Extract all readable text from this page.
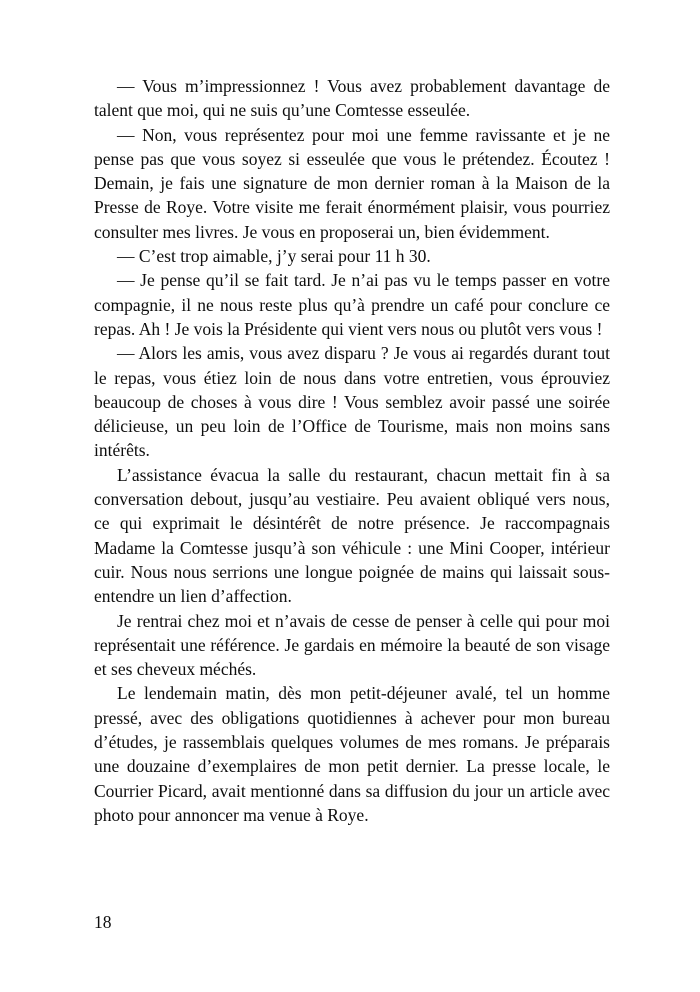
— Vous m’impressionnez ! Vous avez probablement davantage de talent que moi, qui ne suis qu’une Comtesse esseulée.

— Non, vous représentez pour moi une femme ravissante et je ne pense pas que vous soyez si esseulée que vous le prétendez. Écoutez ! Demain, je fais une signature de mon dernier roman à la Maison de la Presse de Roye. Votre visite me ferait énormément plaisir, vous pourriez consulter mes livres. Je vous en proposerai un, bien évidemment.

— C’est trop aimable, j’y serai pour 11 h 30.

— Je pense qu’il se fait tard. Je n’ai pas vu le temps passer en votre compagnie, il ne nous reste plus qu’à prendre un café pour conclure ce repas. Ah ! Je vois la Présidente qui vient vers nous ou plutôt vers vous !

— Alors les amis, vous avez disparu ? Je vous ai regardés durant tout le repas, vous étiez loin de nous dans votre entretien, vous éprouviez beaucoup de choses à vous dire ! Vous semblez avoir passé une soirée délicieuse, un peu loin de l’Office de Tourisme, mais non moins sans intérêts.

L’assistance évacua la salle du restaurant, chacun mettait fin à sa conversation debout, jusqu’au vestiaire. Peu avaient obliqué vers nous, ce qui exprimait le désintérêt de notre présence. Je raccompagnais Madame la Comtesse jusqu’à son véhicule : une Mini Cooper, intérieur cuir. Nous nous serrions une longue poignée de mains qui laissait sous-entendre un lien d’affection.

Je rentrai chez moi et n’avais de cesse de penser à celle qui pour moi représentait une référence. Je gardais en mémoire la beauté de son visage et ses cheveux méchés.

Le lendemain matin, dès mon petit-déjeuner avalé, tel un homme pressé, avec des obligations quotidiennes à achever pour mon bureau d’études, je rassemblais quelques volumes de mes romans. Je préparais une douzaine d’exemplaires de mon petit dernier. La presse locale, le Courrier Picard, avait mentionné dans sa diffusion du jour un article avec photo pour annoncer ma venue à Roye.

18
